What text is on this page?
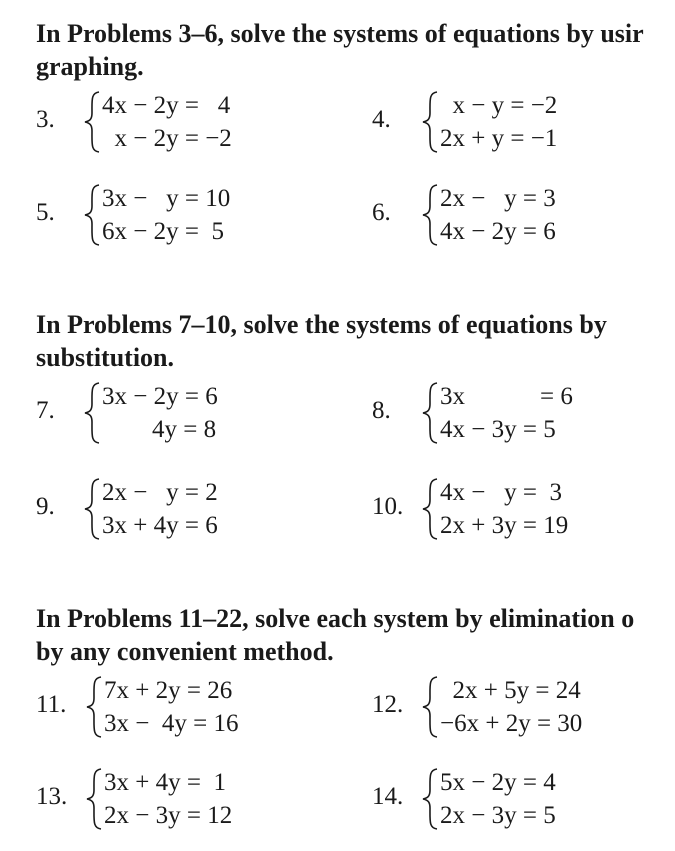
In Problems 3–6, solve the systems of equations by usir
graphing.
3.
4x − 2y =   4
x − 2y = −2
4.
x − y = −2
2x + y = −1
5.
3x −   y = 10
6x − 2y =  5
6.
2x −   y = 3
4x − 2y = 6
In Problems 7–10, solve the systems of equations by
substitution.
7.
3x − 2y = 6
4y = 8
8.
3x            = 6
4x − 3y = 5
9.
2x −   y = 2
3x + 4y = 6
10.
4x −   y =  3
2x + 3y = 19
In Problems 11–22, solve each system by elimination o
by any convenient method.
11.
7x + 2y = 26
3x −  4y = 16
12.
2x + 5y = 24
−6x + 2y = 30
13.
3x + 4y =  1
2x − 3y = 12
14.
5x − 2y = 4
2x − 3y = 5
